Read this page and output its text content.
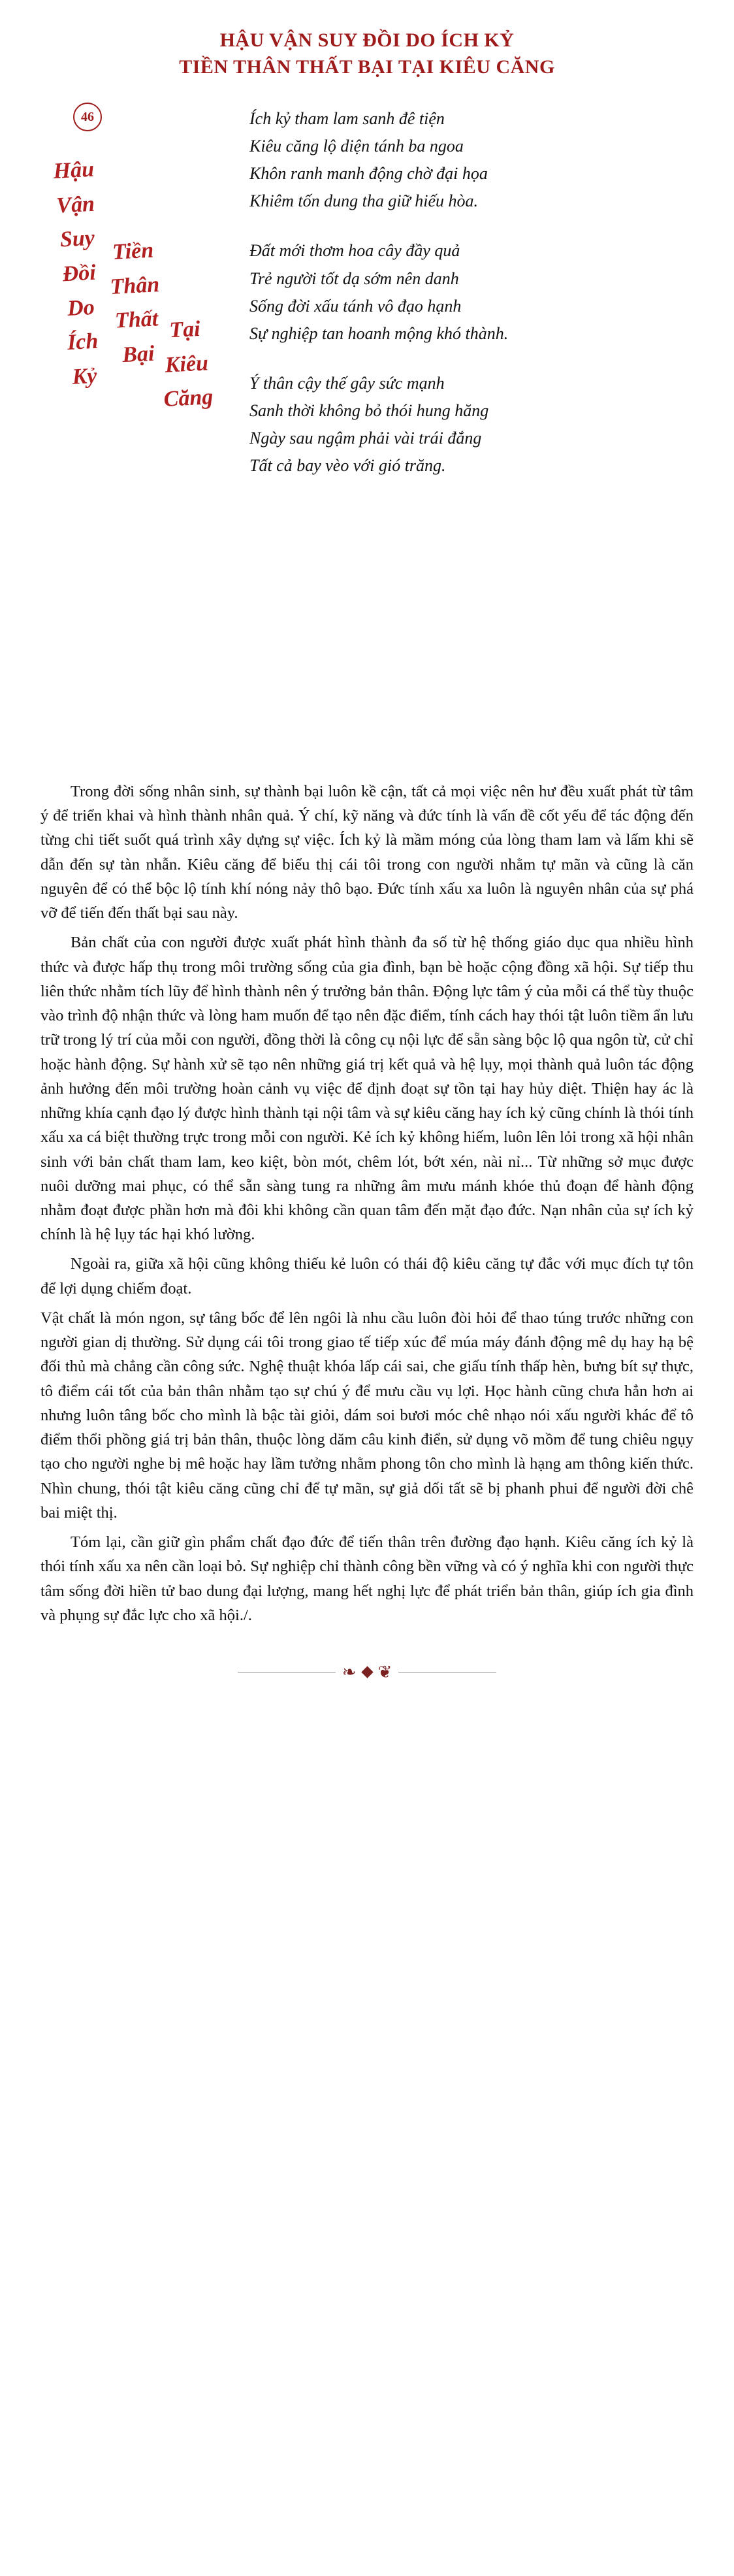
HẬU VẬN SUY ĐỒI DO ÍCH KỶ
TIỀN THÂN THẤT BẠI TẠI KIÊU CĂNG
46
Hậu
Vận
Suy
Đồi
Do
Ích
Kỷ
Tiền
Thân
Thất
Bại
Tại
Kiêu
Căng
Ích kỷ tham lam sanh đê tiện
Kiêu căng lộ diện tánh ba ngoa
Khôn ranh manh động chờ đại họa
Khiêm tốn dung tha giữ hiếu hòa.
Đất mới thơm hoa cây đầy quả
Trẻ người tốt dạ sớm nên danh
Sống đời xấu tánh vô đạo hạnh
Sự nghiệp tan hoanh mộng khó thành.
Ý thân cậy thế gây sức mạnh
Sanh thời không bỏ thói hung hăng
Ngày sau ngậm phải vài trái đắng
Tất cả bay vèo với gió trăng.

Trong đời sống nhân sinh, sự thành bại luôn kề cận, tất cả mọi việc nên hư đều xuất phát từ tâm ý để triển khai và hình thành nhân quả. Ý chí, kỹ năng và đức tính là vấn đề cốt yếu để tác động đến từng chi tiết suốt quá trình xây dựng sự việc. Ích kỷ là mầm móng của lòng tham lam và lấm khi sẽ dẫn đến sự tàn nhẫn. Kiêu căng để biểu thị cái tôi trong con người nhằm tự mãn và cũng là căn nguyên để có thể bộc lộ tính khí nóng nảy thô bạo. Đức tính xấu xa luôn là nguyên nhân của sự phá vỡ để tiến đến thất bại sau này.

Bản chất của con người được xuất phát hình thành đa số từ hệ thống giáo dục qua nhiều hình thức và được hấp thụ trong môi trường sống của gia đình, bạn bè hoặc cộng đồng xã hội. Sự tiếp thu liên thức nhằm tích lũy để hình thành nên ý trưởng bản thân. Động lực tâm ý của mỗi cá thể tùy thuộc vào trình độ nhận thức và lòng ham muốn để tạo nên đặc điểm, tính cách hay thói tật luôn tiềm ẩn lưu trữ trong lý trí của mỗi con người, đồng thời là công cụ nội lực để sẵn sàng bộc lộ qua ngôn từ, cử chỉ hoặc hành động. Sự hành xử sẽ tạo nên những giá trị kết quả và hệ lụy, mọi thành quả luôn tác động ảnh hưởng đến môi trường hoàn cảnh vụ việc để định đoạt sự tồn tại hay hủy diệt. Thiện hay ác là những khía cạnh đạo lý được hình thành tại nội tâm và sự kiêu căng hay ích kỷ cũng chính là thói tính xấu xa cá biệt thường trực trong mỗi con người. Kẻ ích kỷ không hiếm, luôn lên lỏi trong xã hội nhân sinh với bản chất tham lam, keo kiệt, bòn mót, chêm lót, bớt xén, nài nỉ... Từ những sở mục được nuôi dưỡng mai phục, có thể sẵn sàng tung ra những âm mưu mánh khóe thủ đoạn để hành động nhằm đoạt được phần hơn mà đôi khi không cần quan tâm đến mặt đạo đức. Nạn nhân của sự ích kỷ chính là hệ lụy tác hại khó lường.

Ngoài ra, giữa xã hội cũng không thiếu kẻ luôn có thái độ kiêu căng tự đắc với mục đích tự tôn để lợi dụng chiếm đoạt.

Vật chất là món ngon, sự tâng bốc để lên ngôi là nhu cầu luôn đòi hỏi để thao túng trước những con người gian dị thường. Sử dụng cái tôi trong giao tế tiếp xúc để múa máy đánh động mê dụ hay hạ bệ đối thủ mà chẳng cần công sức. Nghệ thuật khóa lấp cái sai, che giấu tính thấp hèn, bưng bít sự thực, tô điểm cái tốt của bản thân nhằm tạo sự chú ý để mưu cầu vụ lợi. Học hành cũng chưa hẳn hơn ai nhưng luôn tâng bốc cho mình là bậc tài giỏi, dám soi bươi móc chê nhạo nói xấu người khác để tô điểm thổi phồng giá trị bản thân, thuộc lòng dăm câu kinh điển, sử dụng võ mồm để tung chiêu ngụy tạo cho người nghe bị mê hoặc hay lầm tưởng nhằm phong tôn cho mình là hạng am thông kiến thức. Nhìn chung, thói tật kiêu căng cũng chỉ để tự mãn, sự giả dối tất sẽ bị phanh phui để người đời chê bai miệt thị.

Tóm lại, cần giữ gìn phẩm chất đạo đức để tiến thân trên đường đạo hạnh. Kiêu căng ích kỷ là thói tính xấu xa nên cần loại bỏ. Sự nghiệp chỉ thành công bền vững và có ý nghĩa khi con người thực tâm sống đời hiền tử bao dung đại lượng, mang hết nghị lực để phát triển bản thân, giúp ích gia đình và phụng sự đắc lực cho xã hội./.

❧ ❦
